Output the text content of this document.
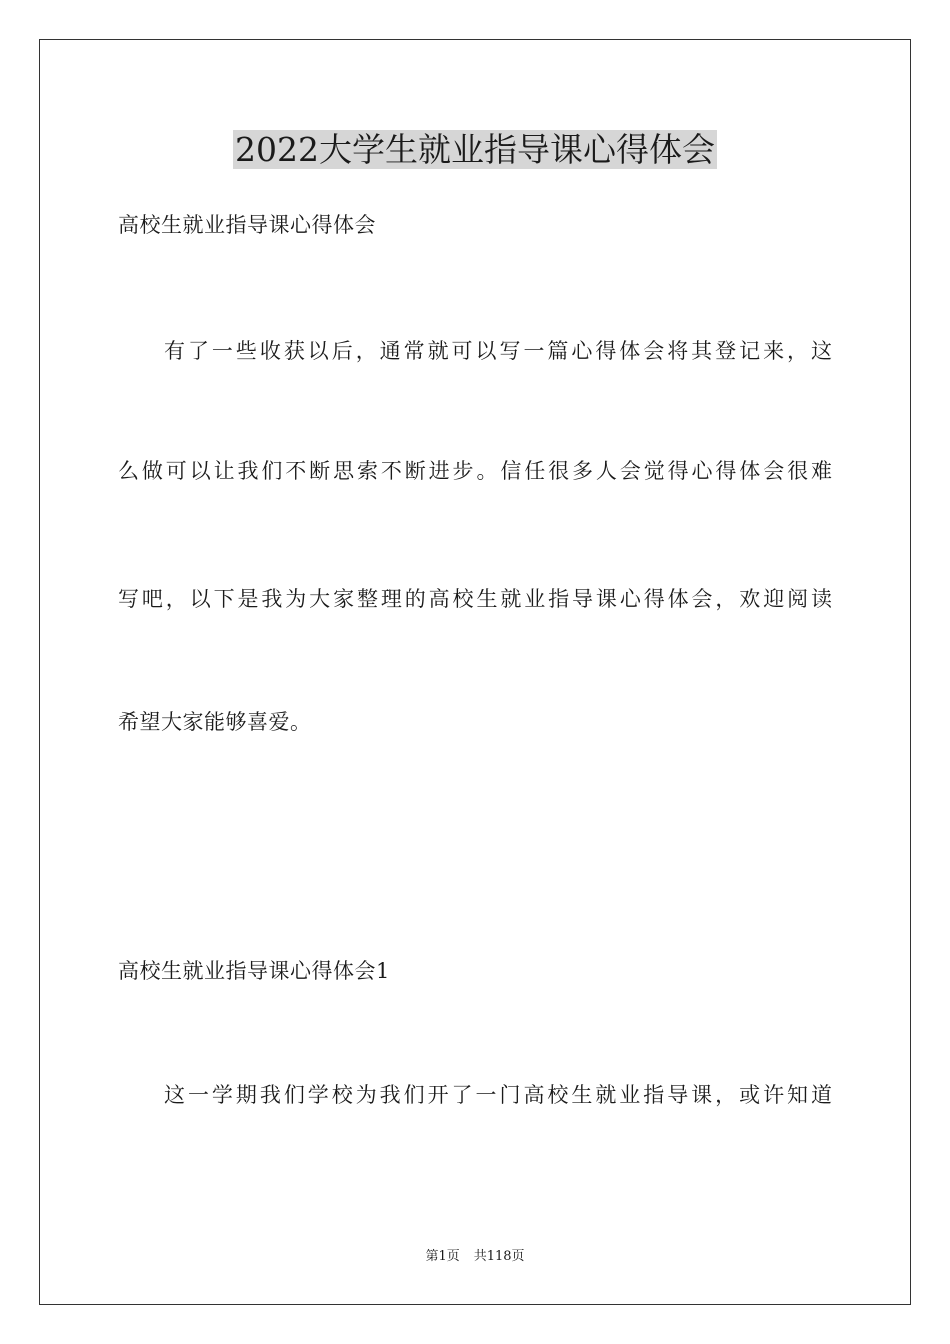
2022大学生就业指导课心得体会
高校生就业指导课心得体会
有了一些收获以后，通常就可以写一篇心得体会将其登记来，这
么做可以让我们不断思索不断进步。信任很多人会觉得心得体会很难
写吧，以下是我为大家整理的高校生就业指导课心得体会，欢迎阅读
希望大家能够喜爱。
高校生就业指导课心得体会1
这一学期我们学校为我们开了一门高校生就业指导课，或许知道
第1页 共118页
